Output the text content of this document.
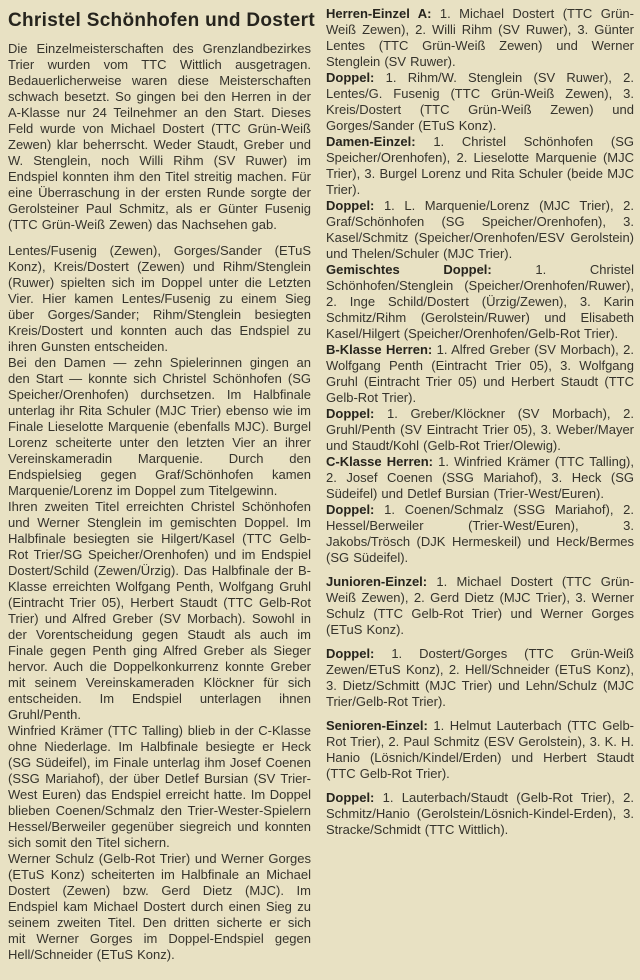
Christel Schönhofen und Dostert

Die Einzelmeisterschaften des Grenzlandbezirkes Trier wurden vom TTC Wittlich ausgetragen. Bedauerlicherweise waren diese Meisterschaften schwach besetzt. So gingen bei den Herren in der A-Klasse nur 24 Teilnehmer an den Start. Dieses Feld wurde von Michael Dostert (TTC Grün-Weiß Zewen) klar beherrscht. Weder Staudt, Greber und W. Stenglein, noch Willi Rihm (SV Ruwer) im Endspiel konnten ihm den Titel streitig machen. Für eine Überraschung in der ersten Runde sorgte der Gerolsteiner Paul Schmitz, als er Günter Fusenig (TTC Grün-Weiß Zewen) das Nachsehen gab.

Lentes/Fusenig (Zewen), Gorges/Sander (ETuS Konz), Kreis/Dostert (Zewen) und Rihm/Stenglein (Ruwer) spielten sich im Doppel unter die Letzten Vier. Hier kamen Lentes/Fusenig zu einem Sieg über Gorges/Sander; Rihm/Stenglein besiegten Kreis/Dostert und konnten auch das Endspiel zu ihren Gunsten entscheiden.

Bei den Damen — zehn Spielerinnen gingen an den Start — konnte sich Christel Schönhofen (SG Speicher/Orenhofen) durchsetzen. Im Halbfinale unterlag ihr Rita Schuler (MJC Trier) ebenso wie im Finale Lieselotte Marquenie (ebenfalls MJC). Burgel Lorenz scheiterte unter den letzten Vier an ihrer Vereinskameradin Marquenie. Durch den Endspielsieg gegen Graf/Schönhofen kamen Marquenie/Lorenz im Doppel zum Titelgewinn.

Ihren zweiten Titel erreichten Christel Schönhofen und Werner Stenglein im gemischten Doppel. Im Halbfinale besiegten sie Hilgert/Kasel (TTC Gelb-Rot Trier/SG Speicher/Orenhofen) und im Endspiel Dostert/Schild (Zewen/Ürzig). Das Halbfinale der B-Klasse erreichten Wolfgang Penth, Wolfgang Gruhl (Eintracht Trier 05), Herbert Staudt (TTC Gelb-Rot Trier) und Alfred Greber (SV Morbach). Sowohl in der Vorentscheidung gegen Staudt als auch im Finale gegen Penth ging Alfred Greber als Sieger hervor. Auch die Doppelkonkurrenz konnte Greber mit seinem Vereinskameraden Klöckner für sich entscheiden. Im Endspiel unterlagen ihnen Gruhl/Penth.

Winfried Krämer (TTC Talling) blieb in der C-Klasse ohne Niederlage. Im Halbfinale besiegte er Heck (SG Südeifel), im Finale unterlag ihm Josef Coenen (SSG Mariahof), der über Detlef Bursian (SV Trier-West Euren) das Endspiel erreicht hatte. Im Doppel blieben Coenen/Schmalz den Trier-Wester-Spielern Hessel/Berweiler gegenüber siegreich und konnten sich somit den Titel sichern.

Werner Schulz (Gelb-Rot Trier) und Werner Gorges (ETuS Konz) scheiterten im Halbfinale an Michael Dostert (Zewen) bzw. Gerd Dietz (MJC). Im Endspiel kam Michael Dostert durch einen Sieg zu seinem zweiten Titel. Den dritten sicherte er sich mit Werner Gorges im Doppel-Endspiel gegen Hell/Schneider (ETuS Konz).

Herren-Einzel A: 1. Michael Dostert (TTC Grün-Weiß Zewen), 2. Willi Rihm (SV Ruwer), 3. Günter Lentes (TTC Grün-Weiß Zewen) und Werner Stenglein (SV Ruwer).

Doppel: 1. Rihm/W. Stenglein (SV Ruwer), 2. Lentes/G. Fusenig (TTC Grün-Weiß Zewen), 3. Kreis/Dostert (TTC Grün-Weiß Zewen) und Gorges/Sander (ETuS Konz).

Damen-Einzel: 1. Christel Schönhofen (SG Speicher/Orenhofen), 2. Lieselotte Marquenie (MJC Trier), 3. Burgel Lorenz und Rita Schuler (beide MJC Trier).

Doppel: 1. L. Marquenie/Lorenz (MJC Trier), 2. Graf/Schönhofen (SG Speicher/Orenhofen), 3. Kasel/Schmitz (Speicher/Orenhofen/ESV Gerolstein) und Thelen/Schuler (MJC Trier).

Gemischtes Doppel:	1. Christel Schönhofen/Stenglein (Speicher/Orenhofen/Ruwer), 2. Inge Schild/Dostert (Ürzig/Zewen), 3. Karin Schmitz/Rihm (Gerolstein/Ruwer) und Elisabeth Kasel/Hilgert (Speicher/Orenhofen/Gelb-Rot Trier).

B-Klasse Herren: 1. Alfred Greber (SV Morbach), 2. Wolfgang Penth (Eintracht Trier 05), 3. Wolfgang Gruhl (Eintracht Trier 05) und Herbert Staudt (TTC Gelb-Rot Trier).

Doppel: 1. Greber/Klöckner (SV Morbach), 2. Gruhl/Penth (SV Eintracht Trier 05), 3. Weber/Mayer und Staudt/Kohl (Gelb-Rot Trier/Olewig).

C-Klasse Herren: 1. Winfried Krämer (TTC Talling), 2. Josef Coenen (SSG Mariahof), 3. Heck (SG Südeifel) und Detlef Bursian (Trier-West/Euren).

Doppel: 1. Coenen/Schmalz (SSG Mariahof), 2. Hessel/Berweiler (Trier-West/Euren), 3. Jakobs/Trösch (DJK Hermeskeil) und Heck/Bermes (SG Südeifel).

Junioren-Einzel: 1. Michael Dostert (TTC Grün-Weiß Zewen), 2. Gerd Dietz (MJC Trier), 3. Werner Schulz (TTC Gelb-Rot Trier) und Werner Gorges (ETuS Konz).

Doppel: 1. Dostert/Gorges (TTC Grün-Weiß Zewen/ETuS Konz), 2. Hell/Schneider (ETuS Konz), 3. Dietz/Schmitt (MJC Trier) und Lehn/Schulz (MJC Trier/Gelb-Rot Trier).

Senioren-Einzel: 1. Helmut Lauterbach (TTC Gelb-Rot Trier), 2. Paul Schmitz (ESV Gerolstein), 3. K. H. Hanio (Lösnich/Kindel/Erden) und Herbert Staudt (TTC Gelb-Rot Trier).

Doppel: 1. Lauterbach/Staudt (Gelb-Rot Trier), 2. Schmitz/Hanio (Gerolstein/Lösnich-Kindel-Erden), 3. Stracke/Schmidt (TTC Wittlich).
